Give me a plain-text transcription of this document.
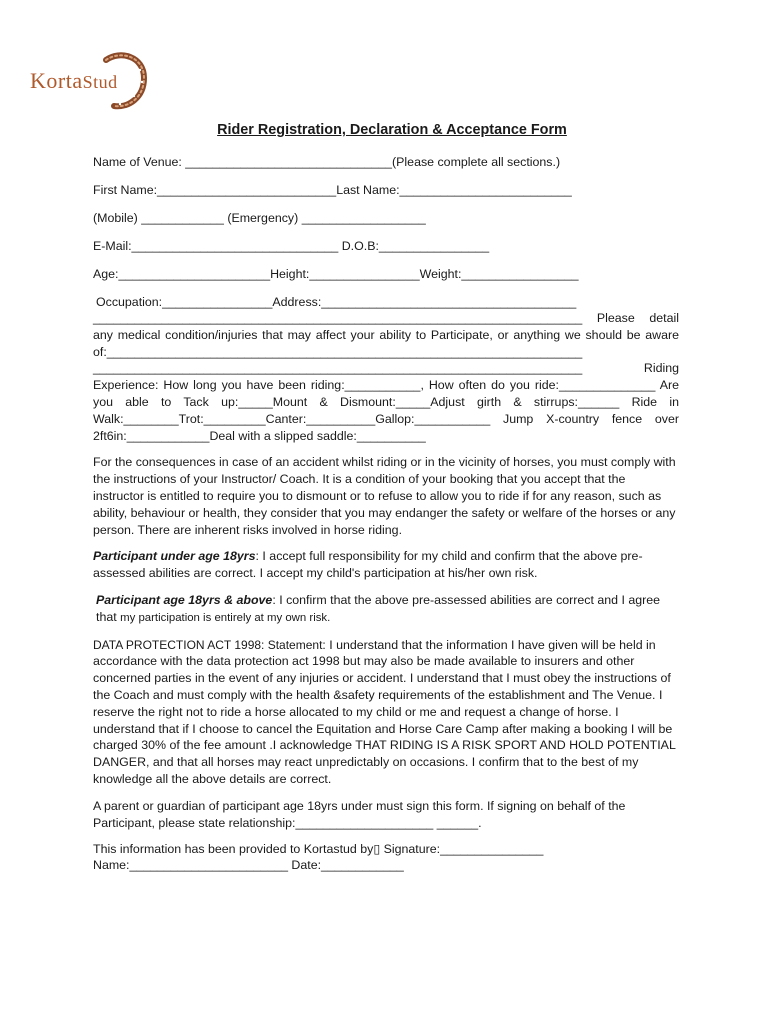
KortaStud
Rider Registration, Declaration & Acceptance Form
Name of Venue: ______________________________(Please complete all sections.)
First Name:__________________________Last Name:_________________________
(Mobile) ____________ (Emergency) __________________
E-Mail:______________________________ D.O.B:________________
Age:______________________Height:________________Weight:_________________
Occupation:________________Address:_____________________________________
_______________________________________________________________________ Please detail any medical condition/injuries that may affect your ability to Participate, or anything we should be aware of:_____________________________________________________________________ _______________________________________________________________________ Riding Experience: How long you have been riding:___________, How often do you ride:______________ Are you able to Tack up:_____Mount & Dismount:_____Adjust girth & stirrups:______ Ride in Walk:________Trot:_________Canter:__________Gallop:___________ Jump X-country fence over 2ft6in:____________Deal with a slipped saddle:__________
For the consequences in case of an accident whilst riding or in the vicinity of horses, you must comply with the instructions of your Instructor/ Coach. It is a condition of your booking that you accept that the instructor is entitled to require you to dismount or to refuse to allow you to ride if for any reason, such as ability, behaviour or health, they consider that you may endanger the safety or welfare of the horses or any person. There are inherent risks involved in horse riding.
Participant under age 18yrs: I accept full responsibility for my child and confirm that the above pre-assessed abilities are correct. I accept my child's participation at his/her own risk.
Participant age 18yrs & above: I confirm that the above pre-assessed abilities are correct and I agree that my participation is entirely at my own risk.
DATA PROTECTION ACT 1998: Statement: I understand that the information I have given will be held in accordance with the data protection act 1998 but may also be made available to insurers and other concerned parties in the event of any injuries or accident. I understand that I must obey the instructions of the Coach and must comply with the health &safety requirements of the establishment and The Venue. I reserve the right not to ride a horse allocated to my child or me and request a change of horse. I understand that if I choose to cancel the Equitation and Horse Care Camp after making a booking I will be charged 30% of the fee amount .I acknowledge THAT RIDING IS A RISK SPORT AND HOLD POTENTIAL DANGER, and that all horses may react unpredictably on occasions. I confirm that to the best of my knowledge all the above details are correct.
A parent or guardian of participant age 18yrs under must sign this form. If signing on behalf of the Participant, please state relationship:____________________ ______.
This information has been provided to Kortastud by▯ Signature:_______________
Name:_______________________ Date:____________
